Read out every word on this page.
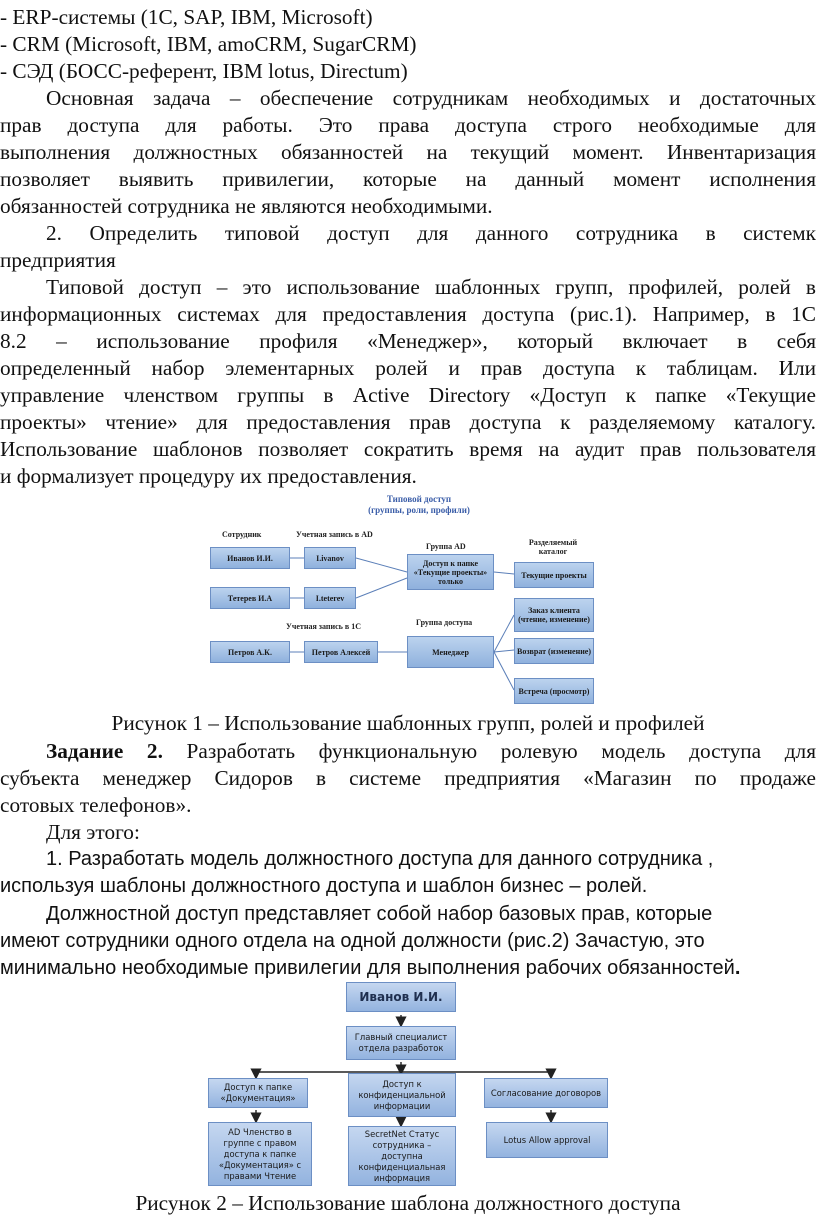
- ERP-системы (1С, SAP, IBM, Microsoft)
- CRM (Microsoft, IBM, amoCRM, SugarCRM)
- СЭД (БОСС-референт, IBM lotus, Directum)
Основная задача – обеспечение сотрудникам необходимых и достаточных
прав доступа для работы. Это права доступа строго необходимые для
выполнения должностных обязанностей на текущий момент. Инвентаризация
позволяет выявить привилегии, которые на данный момент исполнения
обязанностей сотрудника не являются необходимыми.
2. Определить типовой доступ для данного сотрудника в системк
предприятия
Типовой доступ – это использование шаблонных групп, профилей, ролей в
информационных системах для предоставления доступа (рис.1). Например, в 1С
8.2 – использование профиля «Менеджер», который включает в себя
определенный набор элементарных ролей и прав доступа к таблицам. Или
управление членством группы в Active Directory «Доступ к папке «Текущие
проекты» чтение» для предоставления прав доступа к разделяемому каталогу.
Использование шаблонов позволяет сократить время на аудит прав пользователя
и формализует процедуру их предоставления.
Типовой доступ
(группы, роли, профили)
Сотрудник	Учетная запись в AD
Группа AD	Разделяемый каталог
Учетная запись в 1С	Группа доступа
Иванов И.И.
Тетерев И.А
Петров А.К.
I.ivanov
I.teterev
Петров Алексей
Доступ к папке «Текущие проекты» только
Менеджер
Текущие проекты
Заказ клиента (чтение, изменение)
Возврат (изменение)
Встреча (просмотр)
Рисунок 1 – Использование шаблонных групп, ролей и профилей
Задание 2. Разработать функциональную ролевую модель доступа для
субъекта менеджер Сидоров в системе предприятия «Магазин по продаже
сотовых телефонов».
Для этого:
1. Разработать модель должностного доступа для данного сотрудника ,
используя шаблоны должностного доступа и шаблон бизнес – ролей.
Должностной доступ представляет собой набор базовых прав, которые
имеют сотрудники одного отдела на одной должности (рис.2) Зачастую, это
минимально необходимые привилегии для выполнения рабочих обязанностей.
Иванов И.И.
Главный специалист отдела разработок
Доступ к папке «Документация»
Доступ к конфиденциальной информации
Согласование договоров
AD Членство в группе с правом доступа к папке «Документация» с правами Чтение
SecretNet Статус сотрудника – доступна конфиденциальная информация
Lotus Allow approval
Рисунок 2 – Использование шаблона должностного доступа
